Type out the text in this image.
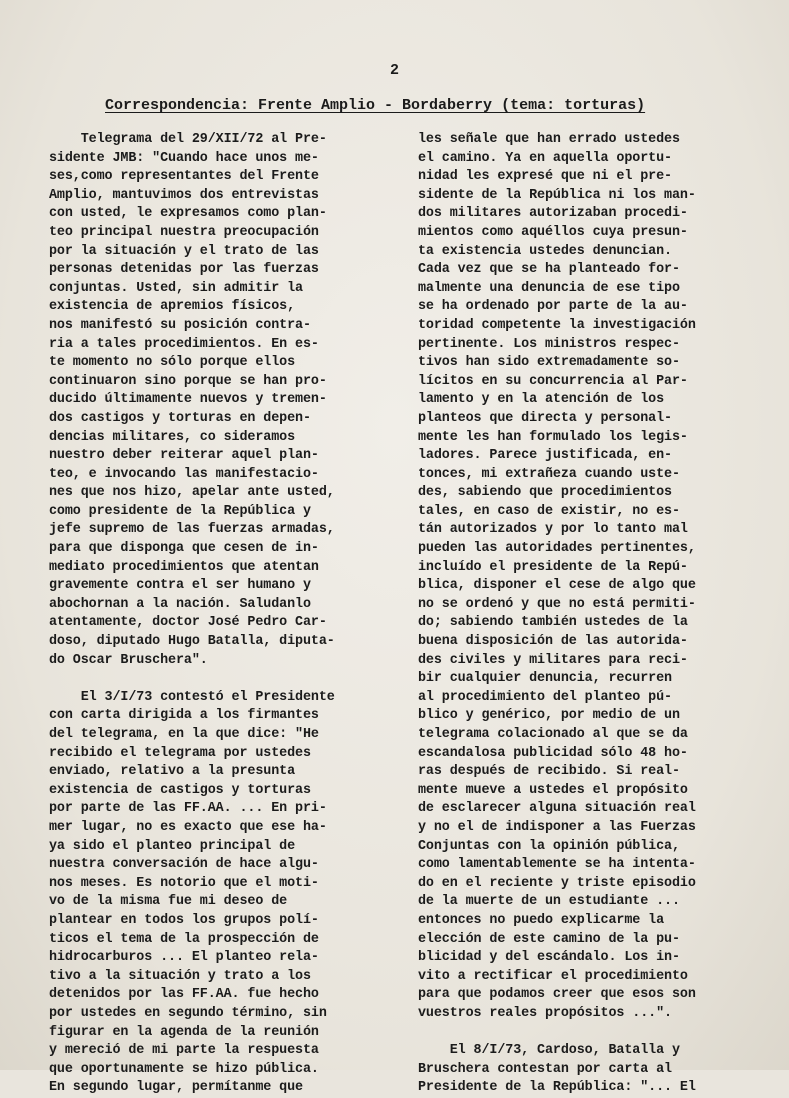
2
Correspondencia: Frente Amplio - Bordaberry (tema: torturas)
Telegrama del 29/XII/72 al Pre-
sidente JMB: "Cuando hace unos me-
ses,como representantes del Frente
Amplio, mantuvimos dos entrevistas
con usted, le expresamos como plan-
teo principal nuestra preocupación
por la situación y el trato de las
personas detenidas por las fuerzas
conjuntas. Usted, sin admitir la
existencia de apremios físicos,
nos manifestó su posición contra-
ria a tales procedimientos. En es-
te momento no sólo porque ellos
continuaron sino porque se han pro-
ducido últimamente nuevos y tremen-
dos castigos y torturas en depen-
dencias militares, co sideramos
nuestro deber reiterar aquel plan-
teo, e invocando las manifestacio-
nes que nos hizo, apelar ante usted,
como presidente de la República y
jefe supremo de las fuerzas armadas,
para que disponga que cesen de in-
mediato procedimientos que atentan
gravemente contra el ser humano y
abochornan a la nación. Saludanlo
atentamente, doctor José Pedro Car-
doso, diputado Hugo Batalla, diputa-
do Oscar Bruschera".
El 3/I/73 contestó el Presidente
con carta dirigida a los firmantes
del telegrama, en la que dice: "He
recibido el telegrama por ustedes
enviado, relativo a la presunta
existencia de castigos y torturas
por parte de las FF.AA. ... En pri-
mer lugar, no es exacto que ese ha-
ya sido el planteo principal de
nuestra conversación de hace algu-
nos meses. Es notorio que el moti-
vo de la misma fue mi deseo de
plantear en todos los grupos polí-
ticos el tema de la prospección de
hidrocarburos ... El planteo rela-
tivo a la situación y trato a los
detenidos por las FF.AA. fue hecho
por ustedes en segundo término, sin
figurar en la agenda de la reunión
y mereció de mi parte la respuesta
que oportunamente se hizo pública.
En segundo lugar, permítanme que
les señale que han errado ustedes
el camino. Ya en aquella oportu-
nidad les expresé que ni el pre-
sidente de la República ni los man-
dos militares autorizaban procedi-
mientos como aquéllos cuya presun-
ta existencia ustedes denuncian.
Cada vez que se ha planteado for-
malmente una denuncia de ese tipo
se ha ordenado por parte de la au-
toridad competente la investigación
pertinente. Los ministros respec-
tivos han sido extremadamente so-
lícitos en su concurrencia al Par-
lamento y en la atención de los
planteos que directa y personal-
mente les han formulado los legis-
ladores. Parece justificada, en-
tonces, mi extrañeza cuando uste-
des, sabiendo que procedimientos
tales, en caso de existir, no es-
tán autorizados y por lo tanto mal
pueden las autoridades pertinentes,
incluído el presidente de la Repú-
blica, disponer el cese de algo que
no se ordenó y que no está permiti-
do; sabiendo también ustedes de la
buena disposición de las autorida-
des civiles y militares para reci-
bir cualquier denuncia, recurren
al procedimiento del planteo pú-
blico y genérico, por medio de un
telegrama colacionado al que se da
escandalosa publicidad sólo 48 ho-
ras después de recibido. Si real-
mente mueve a ustedes el propósito
de esclarecer alguna situación real
y no el de indisponer a las Fuerzas
Conjuntas con la opinión pública,
como lamentablemente se ha intenta-
do en el reciente y triste episodio
de la muerte de un estudiante ...
entonces no puedo explicarme la
elección de este camino de la pu-
blicidad y del escándalo. Los in-
vito a rectificar el procedimiento
para que podamos creer que esos son
vuestros reales propósitos ...".
El 8/I/73, Cardoso, Batalla y
Bruschera contestan por carta al
Presidente de la República: "... El
